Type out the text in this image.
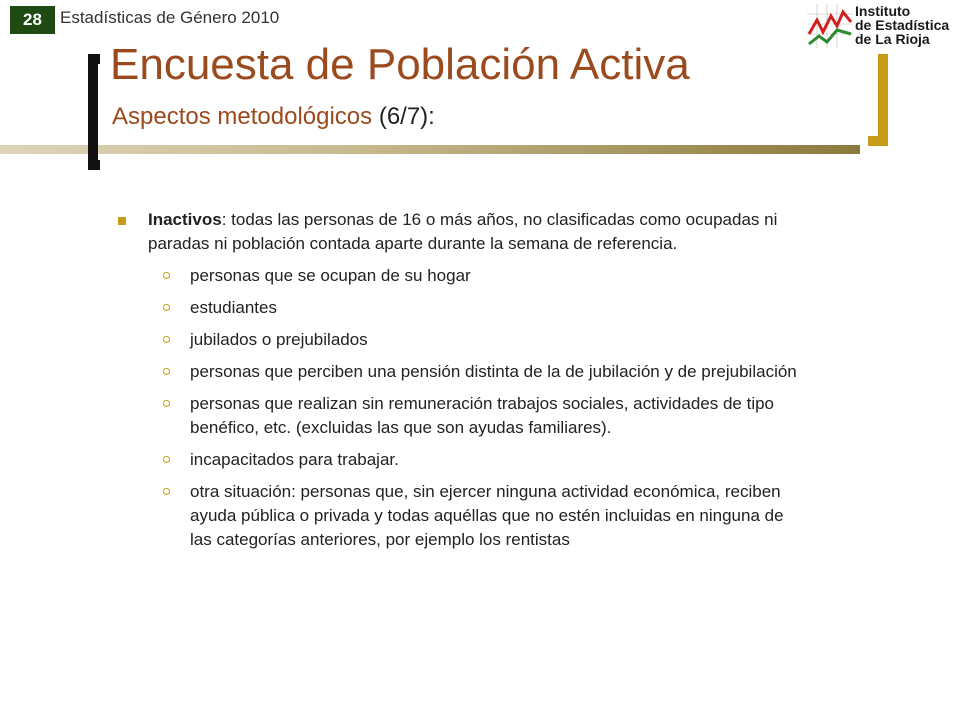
28	Estadísticas de Género 2010	Instituto
de Estadística
de La Rioja
Encuesta de Población Activa
Aspectos metodológicos (6/7):
Inactivos: todas las personas de 16 o más años, no clasificadas como ocupadas ni paradas ni población contada aparte durante la semana de referencia.
personas que se ocupan de su hogar
estudiantes
jubilados o prejubilados
personas que perciben una pensión distinta de la de jubilación y de prejubilación
personas que realizan sin remuneración trabajos sociales, actividades de tipo benéfico, etc. (excluidas las que son ayudas familiares).
incapacitados para trabajar.
otra situación: personas que, sin ejercer ninguna actividad económica, reciben ayuda pública o privada y todas aquéllas que no estén incluidas en ninguna de las categorías anteriores, por ejemplo los rentistas
